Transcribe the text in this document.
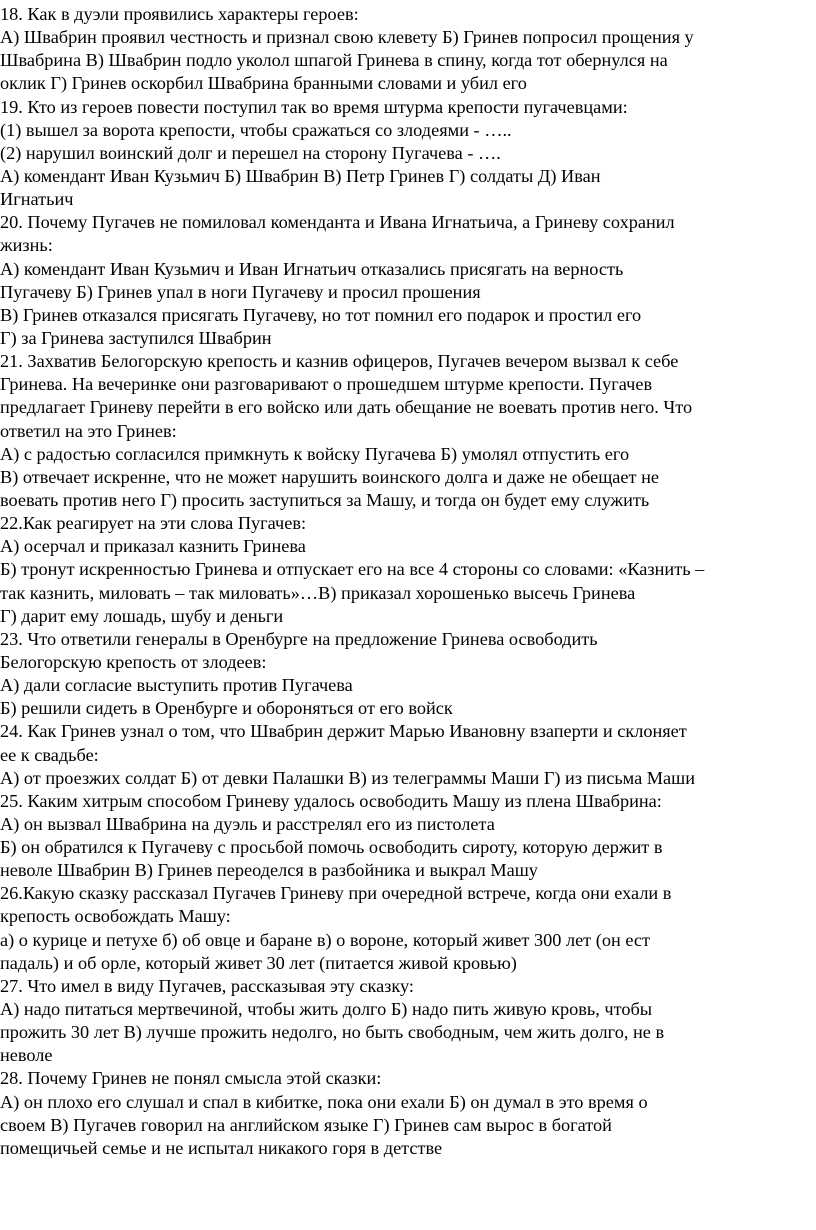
18. Как в дуэли проявились характеры героев:
А) Швабрин проявил честность и признал свою клевету Б) Гринев попросил прощения у
Швабрина В) Швабрин подло уколол шпагой Гринева в спину, когда тот обернулся на
оклик Г) Гринев оскорбил Швабрина бранными словами и убил его
19. Кто из героев повести поступил так во время штурма крепости пугачевцами:
(1) вышел за ворота крепости, чтобы сражаться со злодеями - …..
(2) нарушил воинский долг и перешел на сторону Пугачева - ….
А) комендант Иван Кузьмич Б) Швабрин В) Петр Гринев Г) солдаты Д) Иван
Игнатьич
20. Почему Пугачев не помиловал коменданта и Ивана Игнатьича, а Гриневу сохранил
жизнь:
А) комендант Иван Кузьмич и Иван Игнатьич отказались присягать на верность
Пугачеву Б) Гринев упал в ноги Пугачеву и просил прошения
В) Гринев отказался присягать Пугачеву, но тот помнил его подарок и простил его
Г) за Гринева заступился Швабрин
21. Захватив Белогорскую крепость и казнив офицеров, Пугачев вечером вызвал к себе
Гринева. На вечеринке они разговаривают о прошедшем штурме крепости. Пугачев
предлагает Гриневу перейти в его войско или дать обещание не воевать против него. Что
ответил на это Гринев:
А) с радостью согласился примкнуть к войску Пугачева Б) умолял отпустить его
В) отвечает искренне, что не может нарушить воинского долга и даже не обещает не
воевать против него Г) просить заступиться за Машу, и тогда он будет ему служить
22.Как реагирует на эти слова Пугачев:
А) осерчал и приказал казнить Гринева
Б) тронут искренностью Гринева и отпускает его на все 4 стороны со словами: «Казнить –
так казнить, миловать – так миловать»…В) приказал хорошенько высечь Гринева
Г) дарит ему лошадь, шубу и деньги
23. Что ответили генералы в Оренбурге на предложение Гринева освободить
Белогорскую крепость от злодеев:
А) дали согласие выступить против Пугачева
Б) решили сидеть в Оренбурге и обороняться от его войск
24. Как Гринев узнал о том, что Швабрин держит Марью Ивановну взаперти и склоняет
ее к свадьбе:
А) от проезжих солдат Б) от девки Палашки В) из телеграммы Маши Г) из письма Маши
25. Каким хитрым способом Гриневу удалось освободить Машу из плена Швабрина:
А) он вызвал Швабрина на дуэль и расстрелял его из пистолета
Б) он обратился к Пугачеву с просьбой помочь освободить сироту, которую держит в
неволе Швабрин В) Гринев переоделся в разбойника и выкрал Машу
26.Какую сказку рассказал Пугачев Гриневу при очередной встрече, когда они ехали в
крепость освобождать Машу:
а) о курице и петухе б) об овце и баране в) о вороне, который живет 300 лет (он ест
падаль) и об орле, который живет 30 лет (питается живой кровью)
27. Что имел в виду Пугачев, рассказывая эту сказку:
А) надо питаться мертвечиной, чтобы жить долго Б) надо пить живую кровь, чтобы
прожить 30 лет В) лучше прожить недолго, но быть свободным, чем жить долго, не в
неволе
28. Почему Гринев не понял смысла этой сказки:
А) он плохо его слушал и спал в кибитке, пока они ехали Б) он думал в это время о
своем В) Пугачев говорил на английском языке Г) Гринев сам вырос в богатой
помещичьей семье и не испытал никакого горя в детстве
